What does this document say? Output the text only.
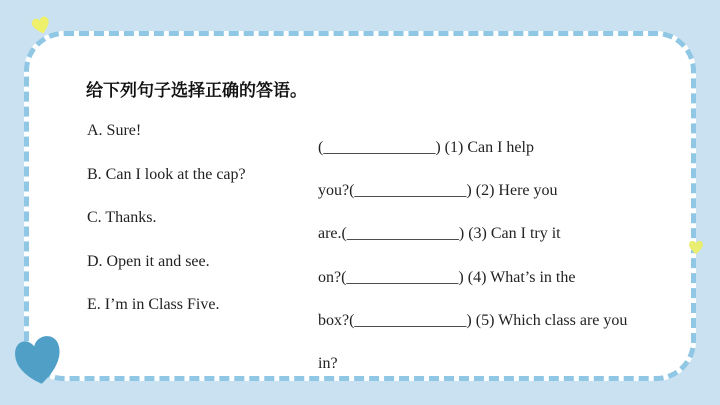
给下列句子选择正确的答语。
A. Sure!
B. Can I look at the cap?
C. Thanks.
D. Open it and see.
E. I’m in Class Five.
(______________) (1) Can I help
you?(______________) (2) Here you
are.(______________) (3) Can I try it
on?(______________) (4) What’s in the
box?(______________) (5) Which class are you
in?
